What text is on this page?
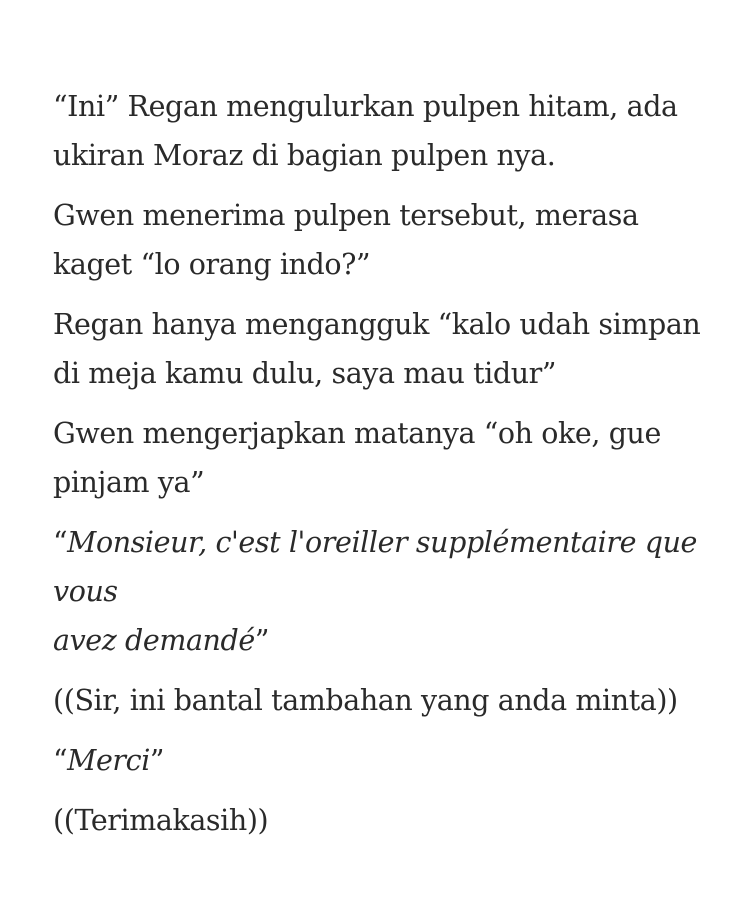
“Ini” Regan mengulurkan pulpen hitam, ada
ukiran Moraz di bagian pulpen nya.

Gwen menerima pulpen tersebut, merasa
kaget “lo orang indo?”

Regan hanya mengangguk “kalo udah simpan
di meja kamu dulu, saya mau tidur”

Gwen mengerjapkan matanya “oh oke, gue
pinjam ya”

“Monsieur, c'est l'oreiller supplémentaire que vous
avez demandé”

((Sir, ini bantal tambahan yang anda minta))

“Merci”

((Terimakasih))
